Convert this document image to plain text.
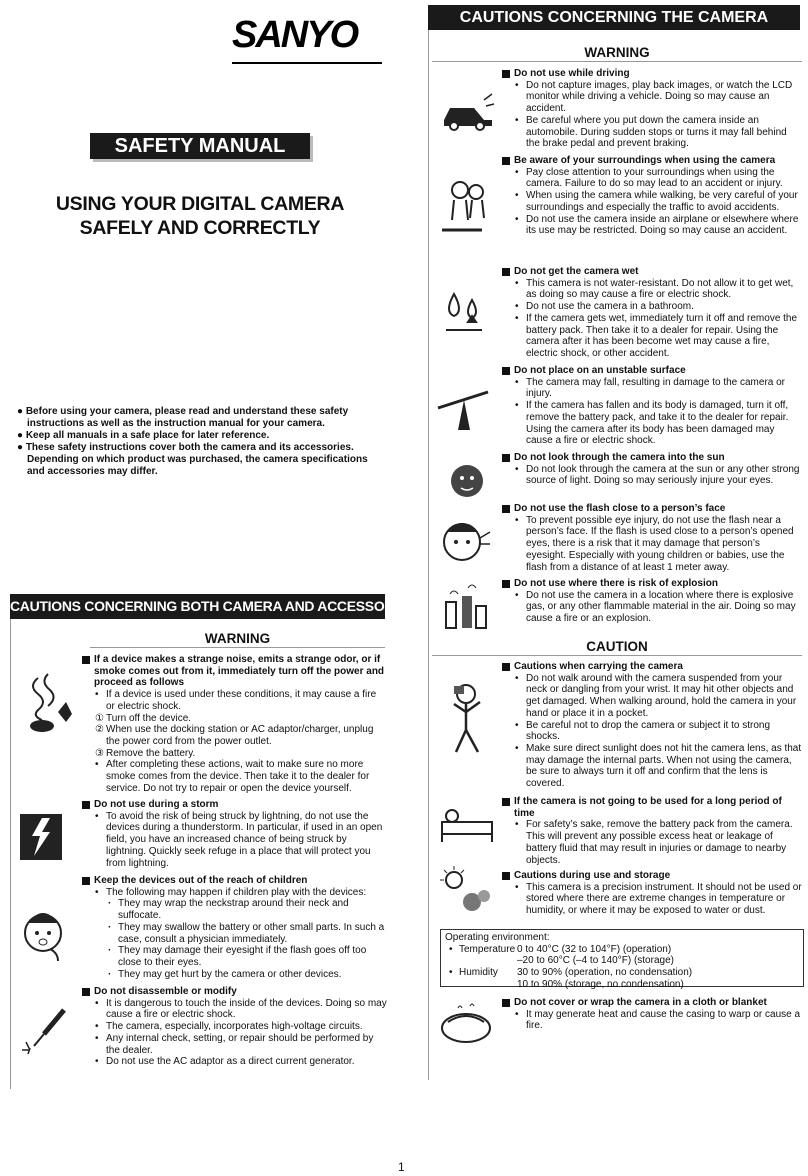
SANYO
SAFETY MANUAL
USING YOUR DIGITAL CAMERA
SAFELY AND CORRECTLY
● Before using your camera, please read and understand these safety instructions as well as the instruction manual for your camera.
● Keep all manuals in a safe place for later reference.
● These safety instructions cover both the camera and its accessories. Depending on which product was purchased, the camera specifications and accessories may differ.
CAUTIONS CONCERNING BOTH CAMERA AND ACCESSORIES
WARNING
If a device makes a strange noise, emits a strange odor, or if smoke comes out from it, immediately turn off the power and proceed as follows
• If a device is used under these conditions, it may cause a fire or electric shock.
① Turn off the device.
② When use the docking station or AC adaptor/charger, unplug the power cord from the power outlet.
③ Remove the battery.
• After completing these actions, wait to make sure no more smoke comes from the device. Then take it to the dealer for service. Do not try to repair or open the device yourself.
Do not use during a storm
• To avoid the risk of being struck by lightning, do not use the devices during a thunderstorm. In particular, if used in an open field, you have an increased chance of being struck by lightning. Quickly seek refuge in a place that will protect you from lightning.
Keep the devices out of the reach of children
• The following may happen if children play with the devices:
· They may wrap the neckstrap around their neck and suffocate.
· They may swallow the battery or other small parts. In such a case, consult a physician immediately.
· They may damage their eyesight if the flash goes off too close to their eyes.
· They may get hurt by the camera or other devices.
Do not disassemble or modify
• It is dangerous to touch the inside of the devices. Doing so may cause a fire or electric shock.
• The camera, especially, incorporates high-voltage circuits.
• Any internal check, setting, or repair should be performed by the dealer.
• Do not use the AC adaptor as a direct current generator.
CAUTIONS CONCERNING THE CAMERA
WARNING
Do not use while driving
• Do not capture images, play back images, or watch the LCD monitor while driving a vehicle. Doing so may cause an accident.
• Be careful where you put down the camera inside an automobile. During sudden stops or turns it may fall behind the brake pedal and prevent braking.
Be aware of your surroundings when using the camera
• Pay close attention to your surroundings when using the camera. Failure to do so may lead to an accident or injury.
• When using the camera while walking, be very careful of your surroundings and especially the traffic to avoid accidents.
• Do not use the camera inside an airplane or elsewhere where its use may be restricted. Doing so may cause an accident.
Do not get the camera wet
• This camera is not water-resistant. Do not allow it to get wet, as doing so may cause a fire or electric shock.
• Do not use the camera in a bathroom.
• If the camera gets wet, immediately turn it off and remove the battery pack. Then take it to a dealer for repair. Using the camera after it has been become wet may cause a fire, electric shock, or other accident.
Do not place on an unstable surface
• The camera may fall, resulting in damage to the camera or injury.
• If the camera has fallen and its body is damaged, turn it off, remove the battery pack, and take it to the dealer for repair. Using the camera after its body has been damaged may cause a fire or electric shock.
Do not look through the camera into the sun
• Do not look through the camera at the sun or any other strong source of light. Doing so may seriously injure your eyes.
Do not use the flash close to a person’s face
• To prevent possible eye injury, do not use the flash near a person’s face. If the flash is used close to a person’s opened eyes, there is a risk that it may damage that person’s eyesight. Especially with young children or babies, use the flash from a distance of at least 1 meter away.
Do not use where there is risk of explosion
• Do not use the camera in a location where there is explosive gas, or any other flammable material in the air. Doing so may cause a fire or an explosion.
CAUTION
Cautions when carrying the camera
• Do not walk around with the camera suspended from your neck or dangling from your wrist. It may hit other objects and get damaged. When walking around, hold the camera in your hand or place it in a pocket.
• Be careful not to drop the camera or subject it to strong shocks.
• Make sure direct sunlight does not hit the camera lens, as that may damage the internal parts. When not using the camera, be sure to always turn it off and confirm that the lens is covered.
If the camera is not going to be used for a long period of time
• For safety’s sake, remove the battery pack from the camera. This will prevent any possible excess heat or leakage of battery fluid that may result in injuries or damage to nearby objects.
Cautions during use and storage
• This camera is a precision instrument. It should not be used or stored where there are extreme changes in temperature or humidity, or where it may be exposed to water or dust.
Operating environment:
• Temperature 0 to 40°C (32 to 104°F) (operation)
–20 to 60°C (–4 to 140°F) (storage)
• Humidity	30 to 90% (operation, no condensation)
10 to 90% (storage, no condensation)
Do not cover or wrap the camera in a cloth or blanket
• It may generate heat and cause the casing to warp or cause a fire.
1
